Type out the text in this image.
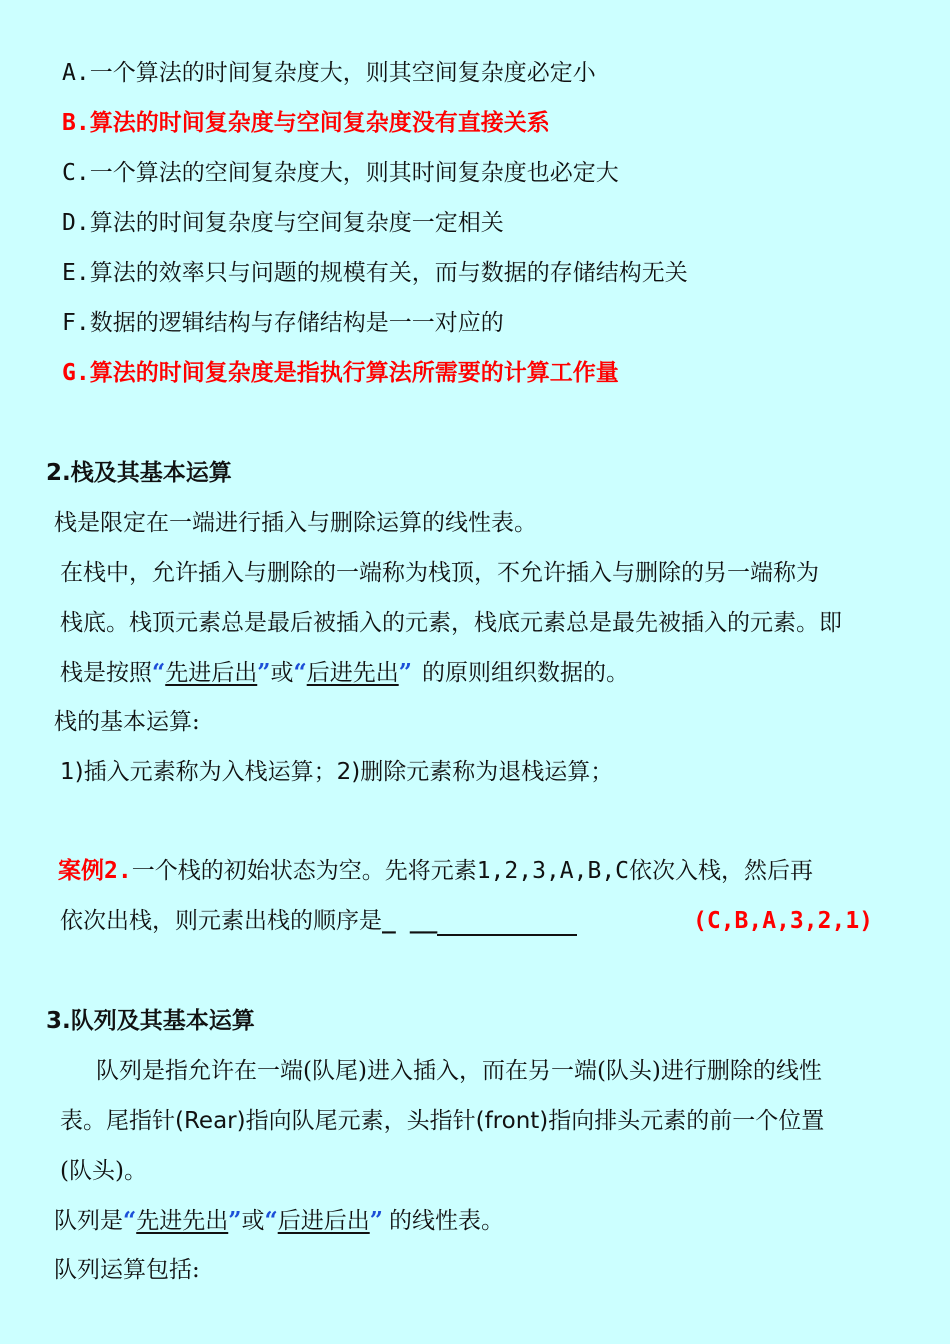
A.一个算法的时间复杂度大，则其空间复杂度必定小
B.算法的时间复杂度与空间复杂度没有直接关系
C.一个算法的空间复杂度大，则其时间复杂度也必定大
D.算法的时间复杂度与空间复杂度一定相关
E.算法的效率只与问题的规模有关，而与数据的存储结构无关
F.数据的逻辑结构与存储结构是一一对应的
G.算法的时间复杂度是指执行算法所需要的计算工作量
2.栈及其基本运算
栈是限定在一端进行插入与删除运算的线性表。
在栈中，允许插入与删除的一端称为栈顶，不允许插入与删除的另一端称为
栈底。栈顶元素总是最后被插入的元素，栈底元素总是最先被插入的元素。即
栈是按照“先进后出”或“后进先出” 的原则组织数据的。
栈的基本运算:
1)插入元素称为入栈运算；2)删除元素称为退栈运算；
案例2.一个栈的初始状态为空。先将元素1,2,3,A,B,C依次入栈，然后再
依次出栈，则元素出栈的顺序是_ __	(C,B,A,3,2,1)
3.队列及其基本运算
队列是指允许在一端(队尾)进入插入，而在另一端(队头)进行删除的线性
表。尾指针(Rear)指向队尾元素，头指针(front)指向排头元素的前一个位置
(队头)。
队列是“先进先出”或“后进后出” 的线性表。
队列运算包括:
